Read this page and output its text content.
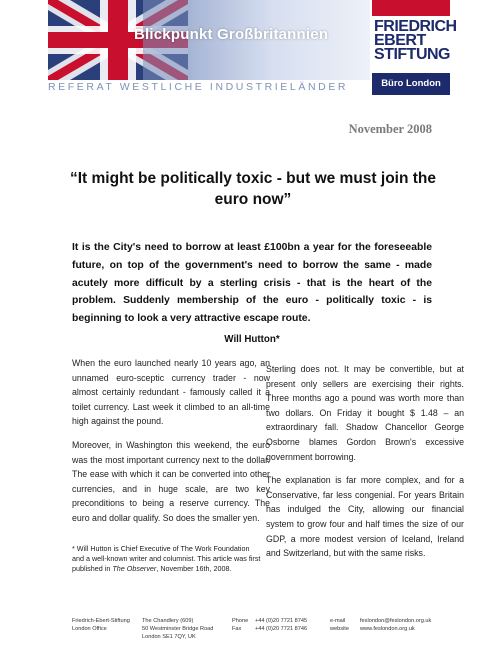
Blickpunkt Großbritannien
REFERAT WESTLICHE INDUSTRIELÄNDER
FRIEDRICH
EBERT
STIFTUNG
Büro London
November 2008
“It might be politically toxic - but we must join the euro now”
It is the City's need to borrow at least £100bn a year for the foreseeable future, on top of the government's need to borrow the same - made acutely more difficult by a sterling crisis - that is the heart of the problem. Suddenly membership of the euro - politically toxic - is beginning to look a very attractive escape route.
Will Hutton*

When the euro launched nearly 10 years ago, an unnamed euro-sceptic currency trader - now almost certainly redundant - famously called it a toilet currency. Last week it climbed to an all-time high against the pound.

Moreover, in Washington this weekend, the euro was the most important currency next to the dollar. The ease with which it can be converted into other currencies, and in huge scale, are two key preconditions to being a reserve currency. The euro and dollar qualify. So does the smaller yen.

Sterling does not. It may be convertible, but at present only sellers are exercising their rights. Three months ago a pound was worth more than two dollars. On Friday it bought $ 1.48 – an extraordinary fall. Shadow Chancellor George Osborne blames Gordon Brown's excessive government borrowing.

The explanation is far more complex, and for a Conservative, far less congenial. For years Britain has indulged the City, allowing our financial system to grow four and half times the size of our GDP, a more modest version of Iceland, Ireland and Switzerland, but with the same risks.

* Will Hutton is Chief Executive of The Work Foundation and a well-known writer and columnist. This article was first published in The Observer, November 16th, 2008.
Friedrich-Ebert-Stiftung
London Office
The Chandlery (609)
50 Westminster Bridge Road
London SE1 7QY, UK
Phone
Fax
+44 (0)20 7721 8745
+44 (0)20 7721 8746
e-mail
website
feslondon@feslondon.org.uk
www.feslondon.org.uk
